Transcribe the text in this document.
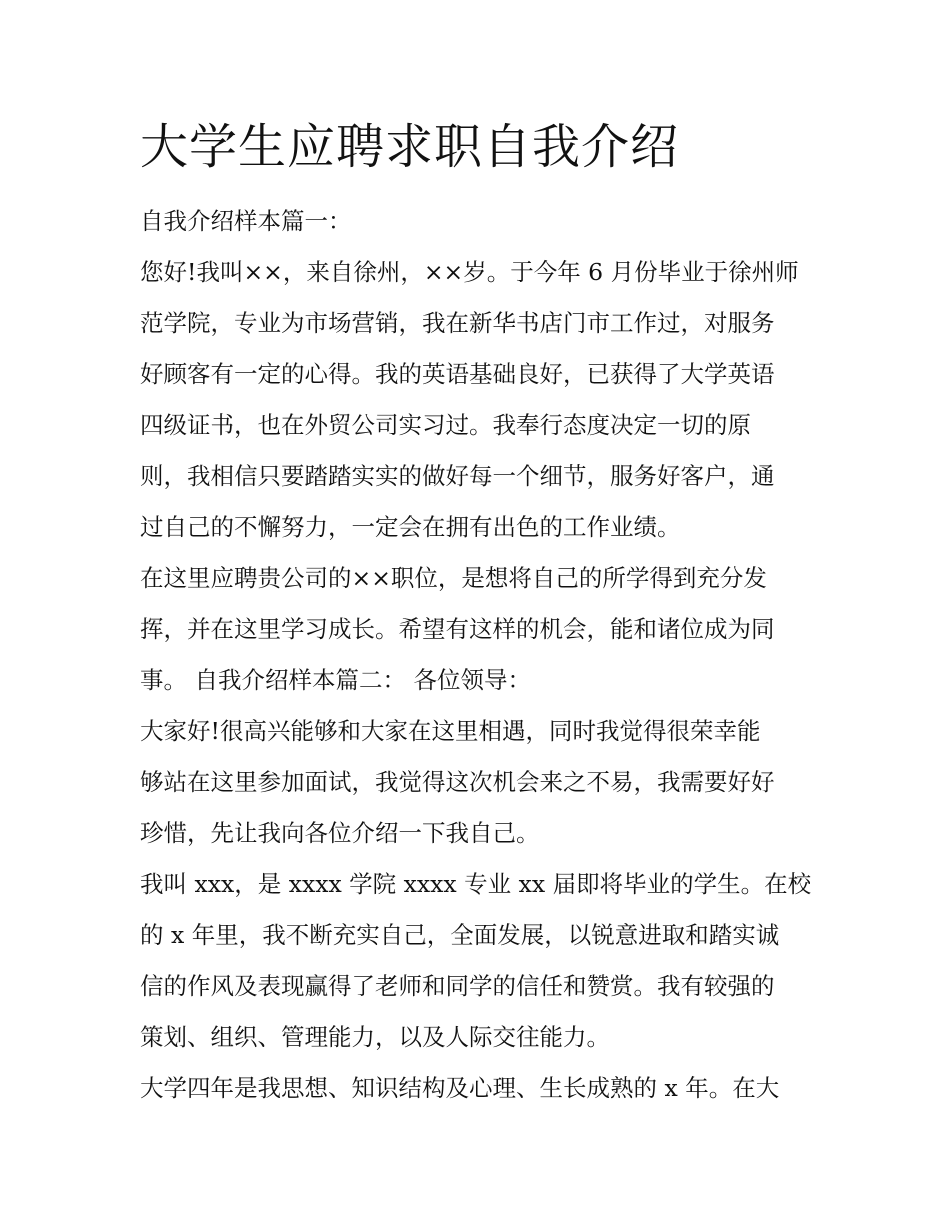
大学生应聘求职自我介绍
自我介绍样本篇一：
您好!我叫××，来自徐州，××岁。于今年 6 月份毕业于徐州师
范学院，专业为市场营销，我在新华书店门市工作过，对服务
好顾客有一定的心得。我的英语基础良好，已获得了大学英语
四级证书，也在外贸公司实习过。我奉行态度决定一切的原
则，我相信只要踏踏实实的做好每一个细节，服务好客户，通
过自己的不懈努力，一定会在拥有出色的工作业绩。
在这里应聘贵公司的××职位，是想将自己的所学得到充分发
挥，并在这里学习成长。希望有这样的机会，能和诸位成为同
事。 自我介绍样本篇二： 各位领导：
大家好!很高兴能够和大家在这里相遇，同时我觉得很荣幸能
够站在这里参加面试，我觉得这次机会来之不易，我需要好好
珍惜，先让我向各位介绍一下我自己。
我叫 xxx，是 xxxx 学院 xxxx 专业 xx 届即将毕业的学生。在校
的 x 年里，我不断充实自己，全面发展，以锐意进取和踏实诚
信的作风及表现赢得了老师和同学的信任和赞赏。我有较强的
策划、组织、管理能力，以及人际交往能力。
大学四年是我思想、知识结构及心理、生长成熟的 x 年。在大
